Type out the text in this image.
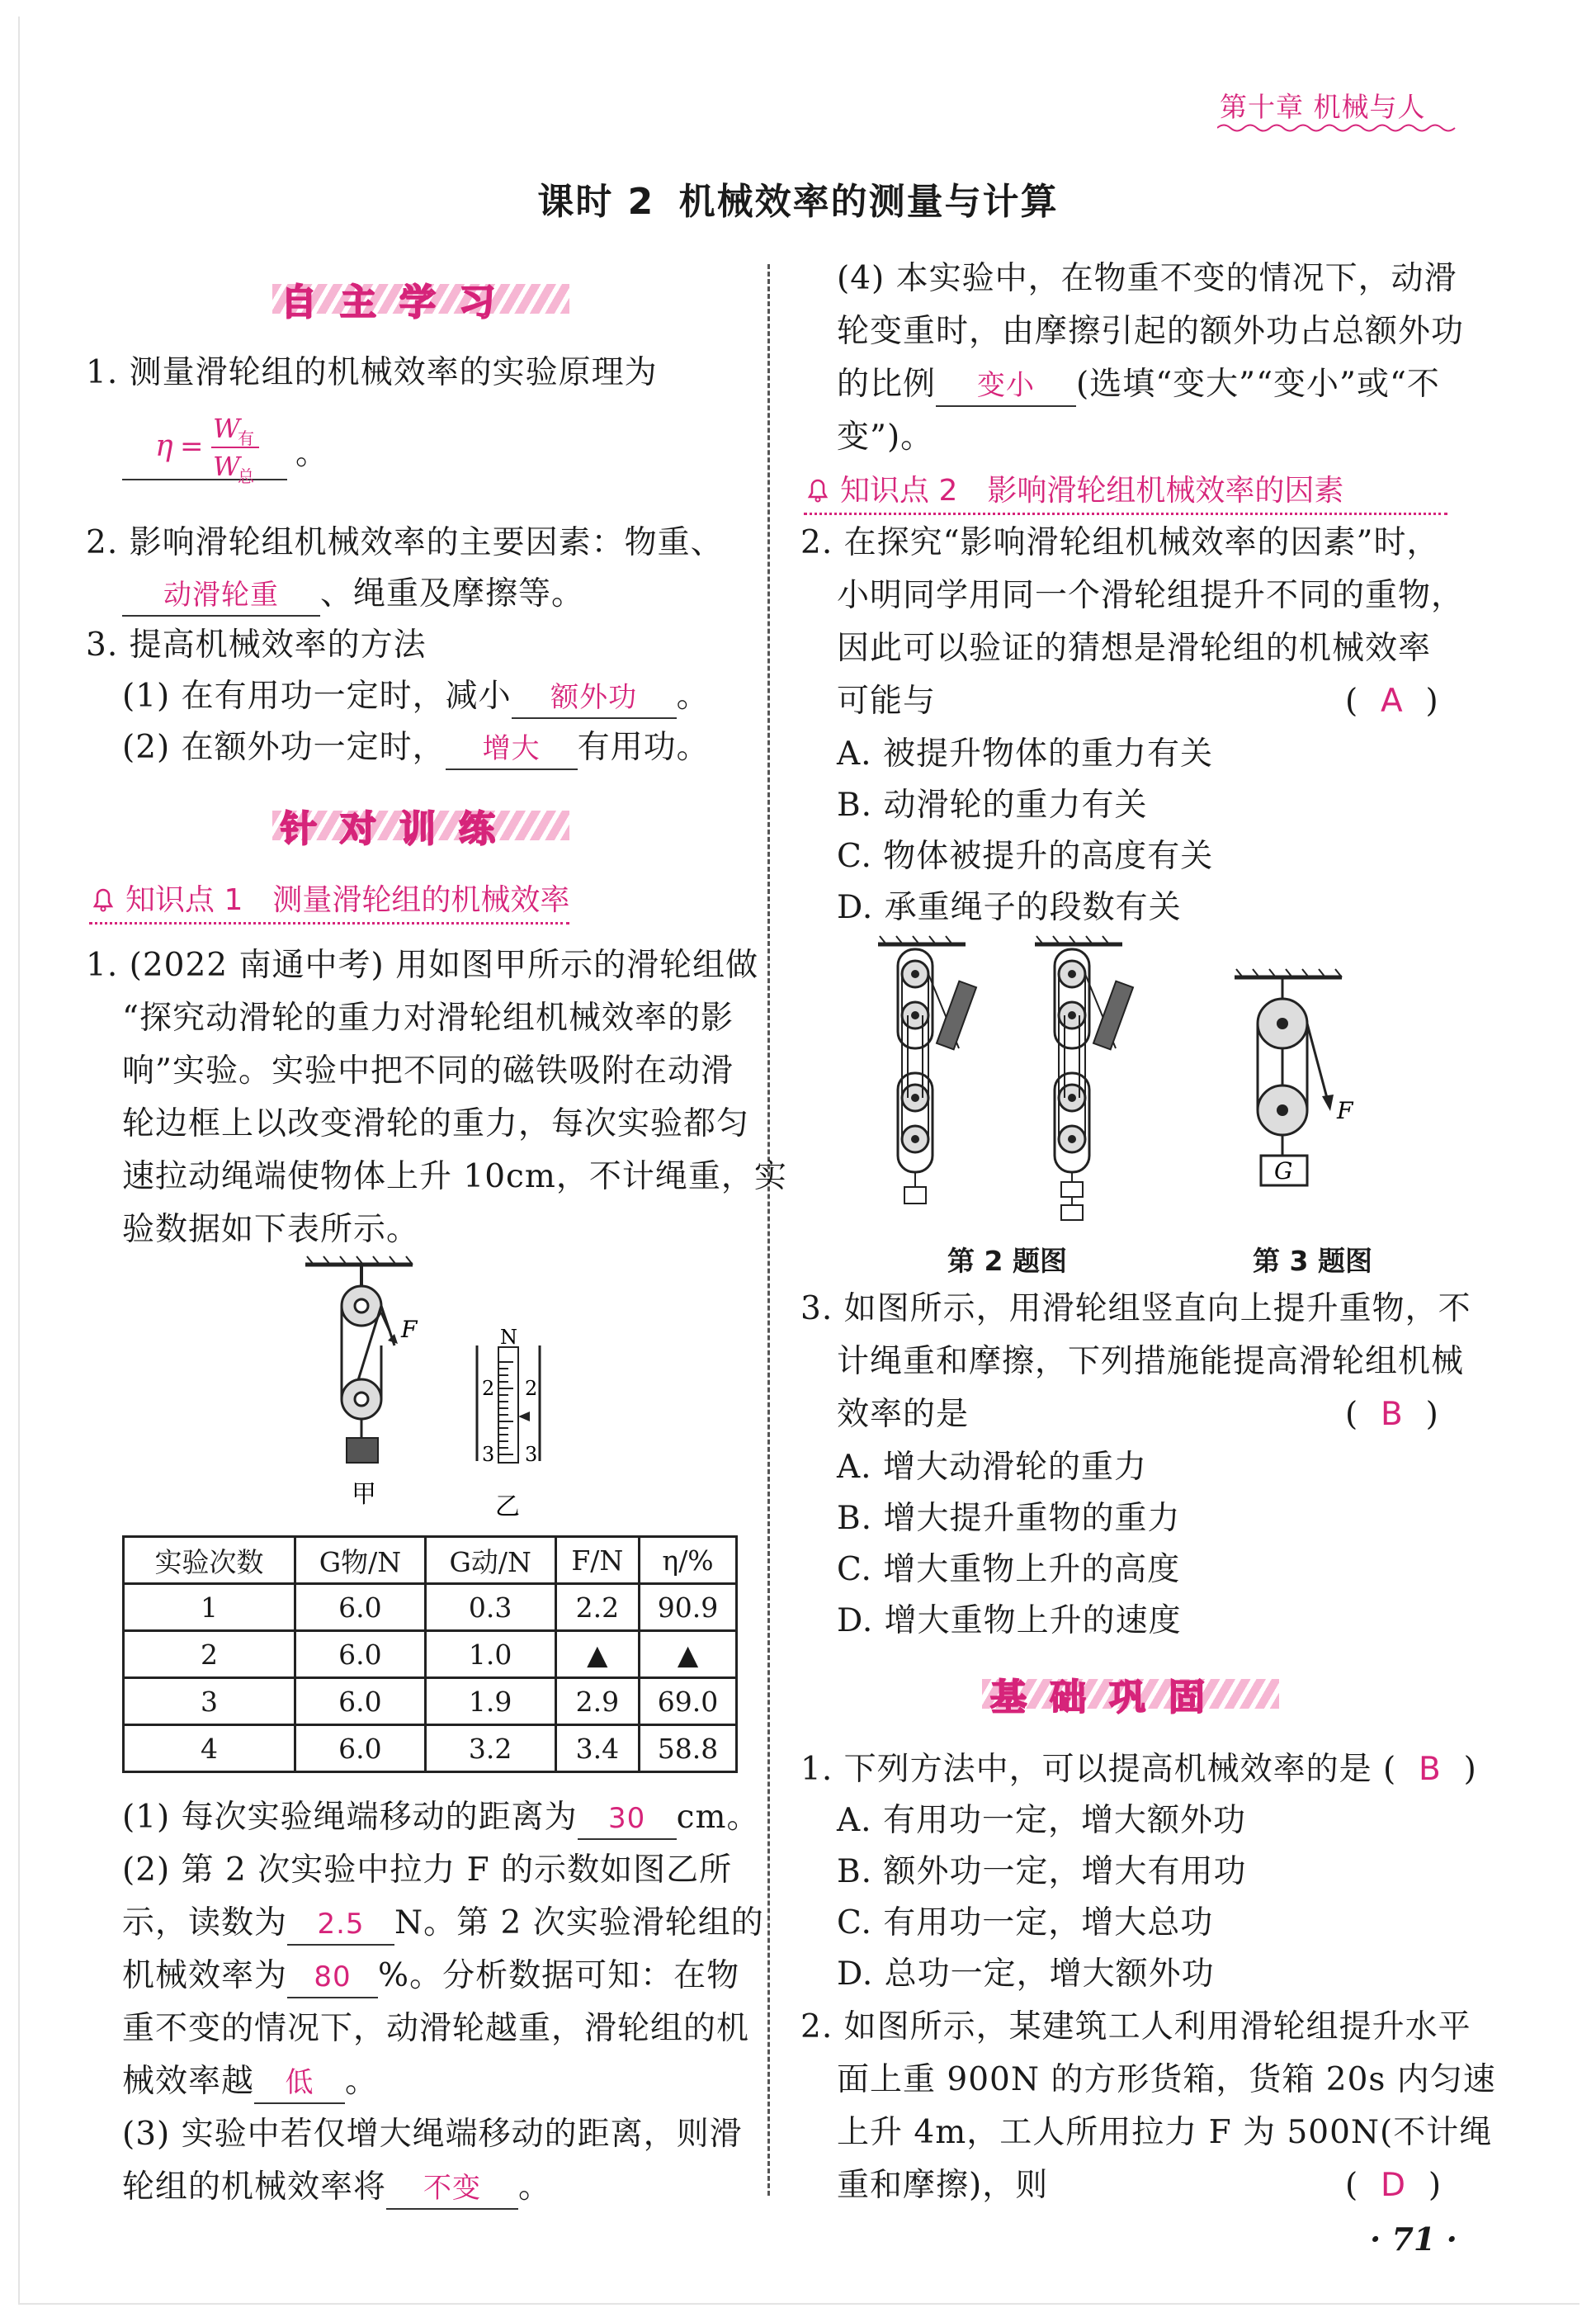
第十章 机械与人
课时 2 机械效率的测量与计算
自主学习
1. 测量滑轮组的机械效率的实验原理为
η =
W
有
W
总
。
2. 影响滑轮组机械效率的主要因素：物重、
动滑轮重 、绳重及摩擦等。
3. 提高机械效率的方法
(1) 在有用功一定时，减小 额外功 。
(2) 在额外功一定时， 增大 有用功。
针对训练
知识点 1　测量滑轮组的机械效率
1. (2022 南通中考) 用如图甲所示的滑轮组做
“探究动滑轮的重力对滑轮组机械效率的影
响”实验。实验中把不同的磁铁吸附在动滑
轮边框上以改变滑轮的重力，每次实验都匀
速拉动绳端使物体上升 10cm，不计绳重，实
验数据如下表所示。
F
甲
N
2 2
3 3
乙
实验次数	G物/N	G动/N	F/N	η/%
1	6.0	0.3	2.2	90.9
2	6.0	1.0	▲	▲
3	6.0	1.9	2.9	69.0
4	6.0	3.2	3.4	58.8
(1) 每次实验绳端移动的距离为 30 cm。
(2) 第 2 次实验中拉力 F 的示数如图乙所
示，读数为 2.5 N。第 2 次实验滑轮组的
机械效率为 80 %。分析数据可知：在物
重不变的情况下，动滑轮越重，滑轮组的机
械效率越 低 。
(3) 实验中若仅增大绳端移动的距离，则滑
轮组的机械效率将 不变 。
(4) 本实验中，在物重不变的情况下，动滑
轮变重时，由摩擦引起的额外功占总额外功
的比例 变小 (选填“变大”“变小”或“不
变”)。
知识点 2　影响滑轮组机械效率的因素
2. 在探究“影响滑轮组机械效率的因素”时，
小明同学用同一个滑轮组提升不同的重物，
因此可以验证的猜想是滑轮组的机械效率
可能与	(  A  )
A. 被提升物体的重力有关
B. 动滑轮的重力有关
C. 物体被提升的高度有关
D. 承重绳子的段数有关
F
G
第 2 题图	第 3 题图
3. 如图所示，用滑轮组竖直向上提升重物，不
计绳重和摩擦，下列措施能提高滑轮组机械
效率的是	(  B  )
A. 增大动滑轮的重力
B. 增大提升重物的重力
C. 增大重物上升的高度
D. 增大重物上升的速度
基础巩固
1. 下列方法中，可以提高机械效率的是 (  B  )
A. 有用功一定，增大额外功
B. 额外功一定，增大有用功
C. 有用功一定，增大总功
D. 总功一定，增大额外功
2. 如图所示，某建筑工人利用滑轮组提升水平
面上重 900N 的方形货箱，货箱 20s 内匀速
上升 4m，工人所用拉力 F 为 500N(不计绳
重和摩擦)，则	(  D  )
· 71 ·
